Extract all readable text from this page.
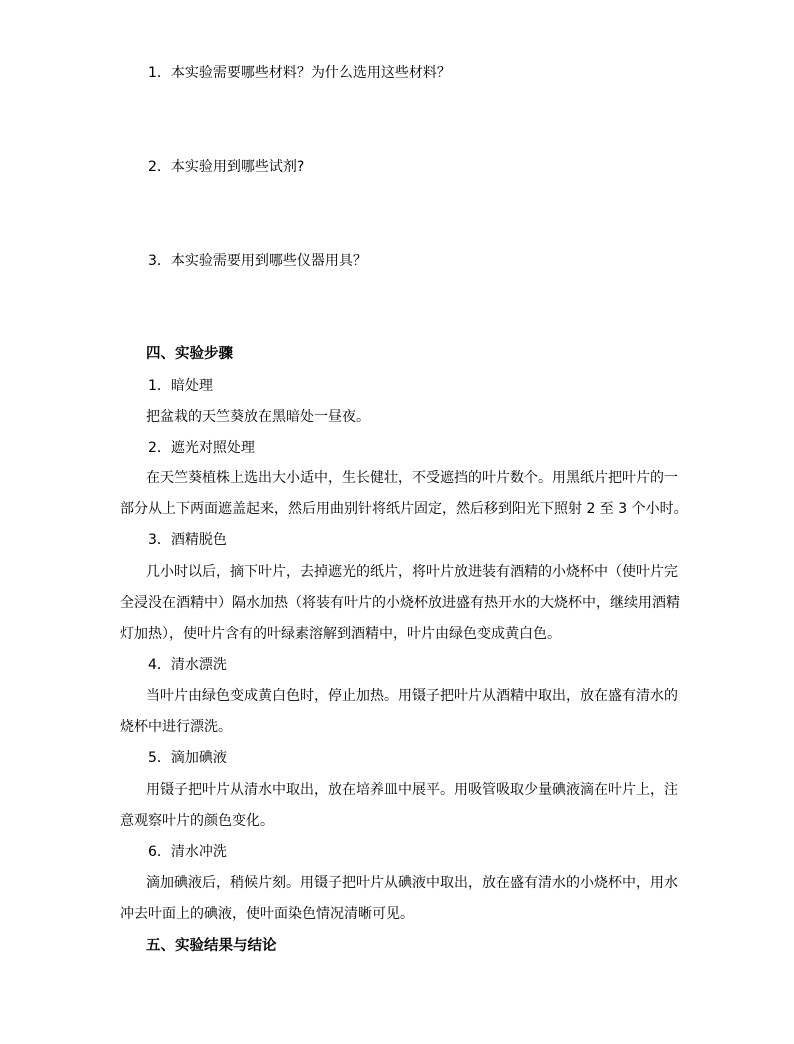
1．本实验需要哪些材料？为什么选用这些材料？
2．本实验用到哪些试剂?
3．本实验需要用到哪些仪器用具？
四、实验步骤
1．暗处理
把盆栽的天竺葵放在黑暗处一昼夜。
2．遮光对照处理
在天竺葵植株上选出大小适中，生长健壮，不受遮挡的叶片数个。用黑纸片把叶片的一
部分从上下两面遮盖起来，然后用曲别针将纸片固定，然后移到阳光下照射 2 至 3 个小时。
3．酒精脱色
几小时以后，摘下叶片，去掉遮光的纸片，将叶片放进装有酒精的小烧杯中（使叶片完
全浸没在酒精中）隔水加热（将装有叶片的小烧杯放进盛有热开水的大烧杯中，继续用酒精
灯加热），使叶片含有的叶绿素溶解到酒精中，叶片由绿色变成黄白色。
4．清水漂洗
当叶片由绿色变成黄白色时，停止加热。用镊子把叶片从酒精中取出，放在盛有清水的
烧杯中进行漂洗。
5．滴加碘液
用镊子把叶片从清水中取出，放在培养皿中展平。用吸管吸取少量碘液滴在叶片上，注
意观察叶片的颜色变化。
6．清水冲洗
滴加碘液后，稍候片刻。用镊子把叶片从碘液中取出，放在盛有清水的小烧杯中，用水
冲去叶面上的碘液，使叶面染色情况清晰可见。
五、实验结果与结论
